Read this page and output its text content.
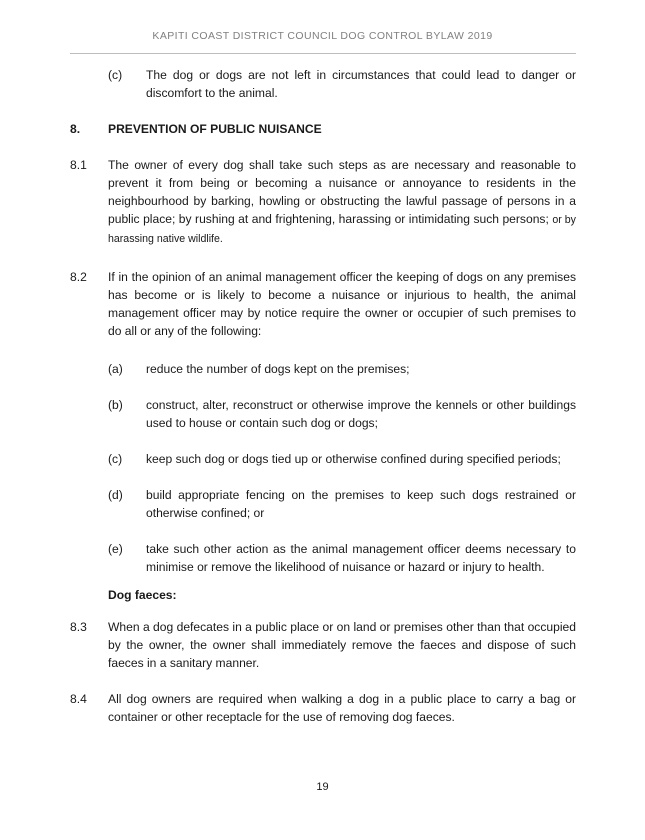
KAPITI COAST DISTRICT COUNCIL DOG CONTROL BYLAW 2019
(c)	The dog or dogs are not left in circumstances that could lead to danger or discomfort to the animal.
8.	PREVENTION OF PUBLIC NUISANCE
8.1	The owner of every dog shall take such steps as are necessary and reasonable to prevent it from being or becoming a nuisance or annoyance to residents in the neighbourhood by barking, howling or obstructing the lawful passage of persons in a public place; by rushing at and frightening, harassing or intimidating such persons; or by harassing native wildlife.
8.2	If in the opinion of an animal management officer the keeping of dogs on any premises has become or is likely to become a nuisance or injurious to health, the animal management officer may by notice require the owner or occupier of such premises to do all or any of the following:
(a)	reduce the number of dogs kept on the premises;
(b)	construct, alter, reconstruct or otherwise improve the kennels or other buildings used to house or contain such dog or dogs;
(c)	keep such dog or dogs tied up or otherwise confined during specified periods;
(d)	build appropriate fencing on the premises to keep such dogs restrained or otherwise confined; or
(e)	take such other action as the animal management officer deems necessary to minimise or remove the likelihood of nuisance or hazard or injury to health.
Dog faeces:
8.3	When a dog defecates in a public place or on land or premises other than that occupied by the owner, the owner shall immediately remove the faeces and dispose of such faeces in a sanitary manner.
8.4	All dog owners are required when walking a dog in a public place to carry a bag or container or other receptacle for the use of removing dog faeces.
19
